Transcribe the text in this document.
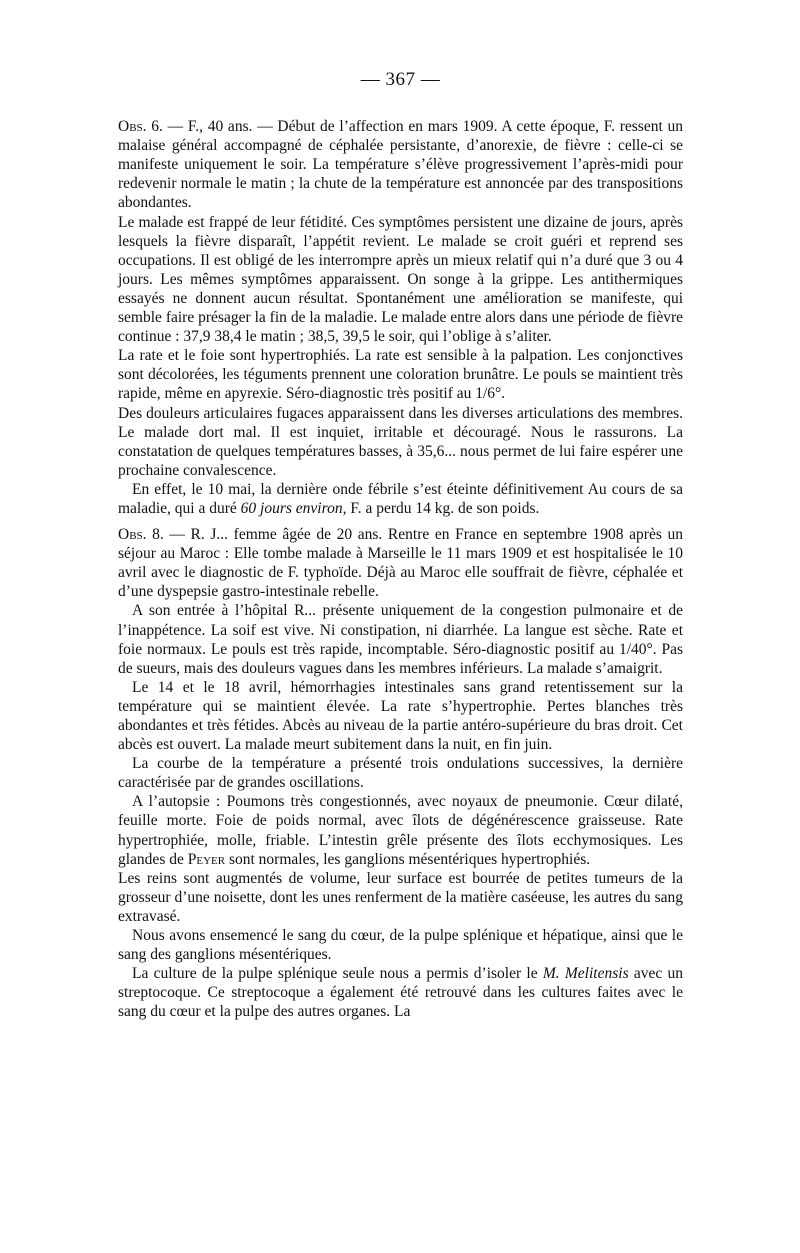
— 367 —

Obs. 6. — F., 40 ans. — Début de l’affection en mars 1909. A cette époque, F. ressent un malaise général accompagné de céphalée persistante, d’anorexie, de fièvre : celle-ci se manifeste uniquement le soir. La température s’élève progressivement l’après-midi pour redevenir normale le matin ; la chute de la température est annoncée par des transpositions abondantes.

Le malade est frappé de leur fétidité. Ces symptômes persistent une dizaine de jours, après lesquels la fièvre disparaît, l’appétit revient. Le malade se croit guéri et reprend ses occupations. Il est obligé de les interrompre après un mieux relatif qui n’a duré que 3 ou 4 jours. Les mêmes symptômes apparaissent. On songe à la grippe. Les antithermiques essayés ne donnent aucun résultat. Spontanément une amélioration se manifeste, qui semble faire présager la fin de la maladie. Le malade entre alors dans une période de fièvre continue : 37,9 38,4 le matin ; 38,5, 39,5 le soir, qui l’oblige à s’aliter.

La rate et le foie sont hypertrophiés. La rate est sensible à la palpation. Les conjonctives sont décolorées, les téguments prennent une coloration brunâtre. Le pouls se maintient très rapide, même en apyrexie. Séro-diagnostic très positif au 1/6°.

Des douleurs articulaires fugaces apparaissent dans les diverses articulations des membres. Le malade dort mal. Il est inquiet, irritable et découragé. Nous le rassurons. La constatation de quelques températures basses, à 35,6... nous permet de lui faire espérer une prochaine convalescence.

En effet, le 10 mai, la dernière onde fébrile s’est éteinte définitivement Au cours de sa maladie, qui a duré 60 jours environ, F. a perdu 14 kg. de son poids.

Obs. 8. — R. J... femme âgée de 20 ans. Rentre en France en septembre 1908 après un séjour au Maroc : Elle tombe malade à Marseille le 11 mars 1909 et est hospitalisée le 10 avril avec le diagnostic de F. typhoïde. Déjà au Maroc elle souffrait de fièvre, céphalée et d’une dyspepsie gastro-intestinale rebelle.

A son entrée à l’hôpital R... présente uniquement de la congestion pulmonaire et de l’inappétence. La soif est vive. Ni constipation, ni diarrhée. La langue est sèche. Rate et foie normaux. Le pouls est très rapide, incomptable. Séro-diagnostic positif au 1/40°. Pas de sueurs, mais des douleurs vagues dans les membres inférieurs. La malade s’amaigrit.

Le 14 et le 18 avril, hémorrhagies intestinales sans grand retentissement sur la température qui se maintient élevée. La rate s’hypertrophie. Pertes blanches très abondantes et très fétides. Abcès au niveau de la partie antéro-supérieure du bras droit. Cet abcès est ouvert. La malade meurt subitement dans la nuit, en fin juin.

La courbe de la température a présenté trois ondulations successives, la dernière caractérisée par de grandes oscillations.

A l’autopsie : Poumons très congestionnés, avec noyaux de pneumonie. Cœur dilaté, feuille morte. Foie de poids normal, avec îlots de dégénérescence graisseuse. Rate hypertrophiée, molle, friable. L’intestin grêle présente des îlots ecchymosiques. Les glandes de Peyer sont normales, les ganglions mésentériques hypertrophiés.

Les reins sont augmentés de volume, leur surface est bourrée de petites tumeurs de la grosseur d’une noisette, dont les unes renferment de la matière caséeuse, les autres du sang extravasé.

Nous avons ensemencé le sang du cœur, de la pulpe splénique et hépatique, ainsi que le sang des ganglions mésentériques.

La culture de la pulpe splénique seule nous a permis d’isoler le M. Melitensis avec un streptocoque. Ce streptocoque a également été retrouvé dans les cultures faites avec le sang du cœur et la pulpe des autres organes. La
